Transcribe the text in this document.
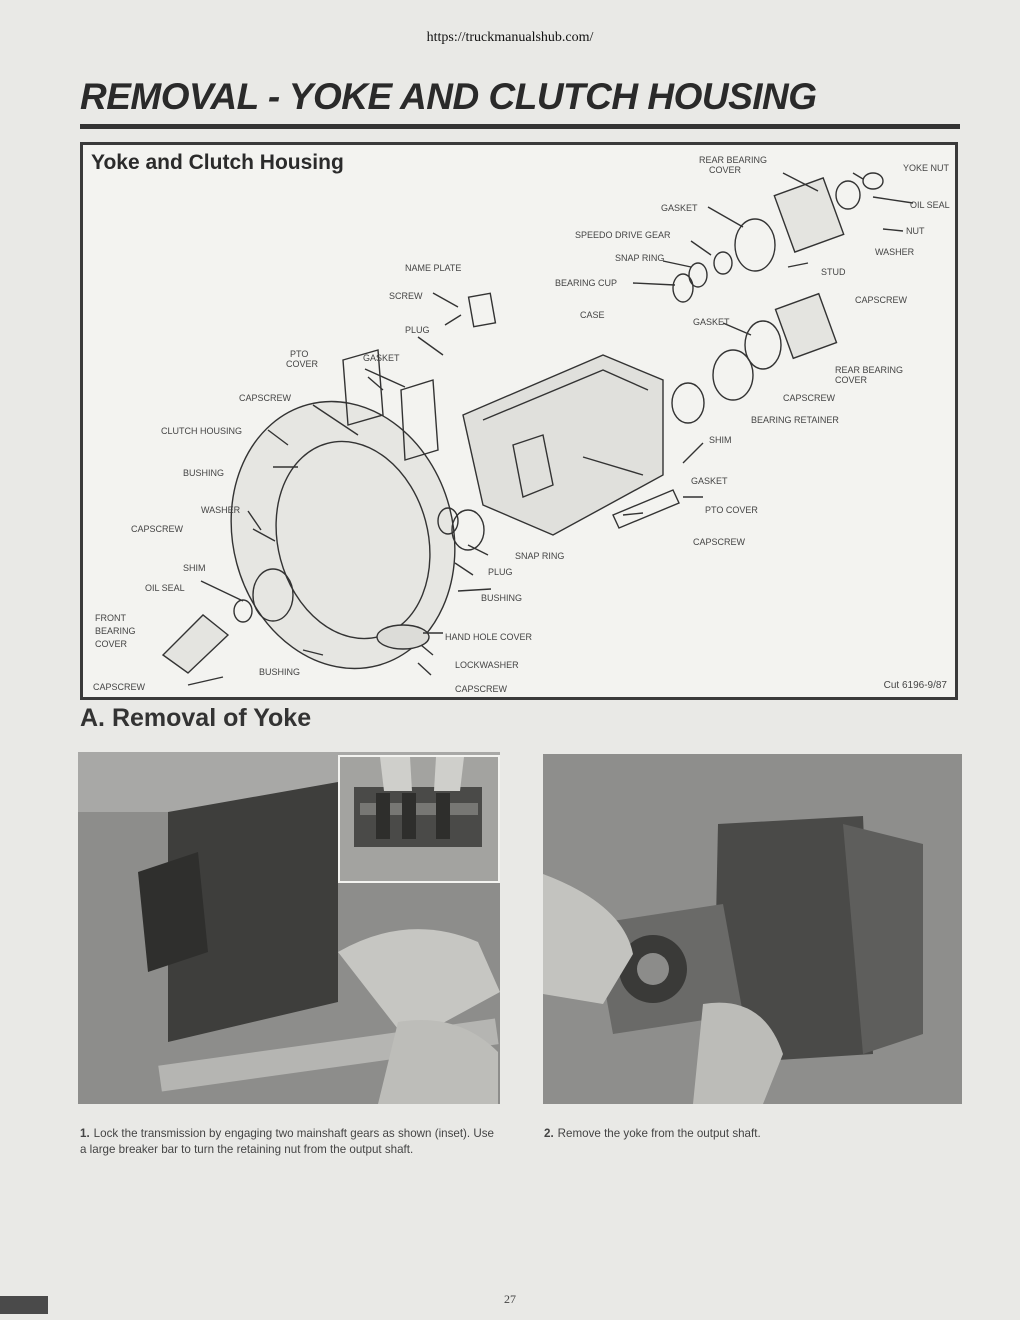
https://truckmanualshub.com/
REMOVAL - YOKE AND CLUTCH HOUSING
Yoke and Clutch Housing	REAR BEARING
COVER	YOKE NUT
OIL SEAL
GASKET
NUT
SPEEDO DRIVE GEAR
WASHER
SNAP RING
STUD
NAME PLATE
BEARING CUP
CAPSCREW
SCREW
CASE
GASKET
PLUG
PTO
COVER
GASKET
REAR BEARING
COVER
CAPSCREW	CAPSCREW
BEARING RETAINER
CLUTCH HOUSING
SHIM
BUSHING
GASKET
WASHER	PTO COVER
CAPSCREW
CAPSCREW
SHIM
SNAP RING
PLUG
OIL SEAL
BUSHING
FRONT
BEARING
COVER
HAND HOLE COVER
BUSHING
LOCKWASHER
CAPSCREW	CAPSCREW	Cut 6196-9/87
A. Removal of Yoke

1. Lock the transmission by engaging two mainshaft gears as shown (inset). Use a large breaker bar to turn the retaining nut from the output shaft.

2. Remove the yoke from the output shaft.

27
